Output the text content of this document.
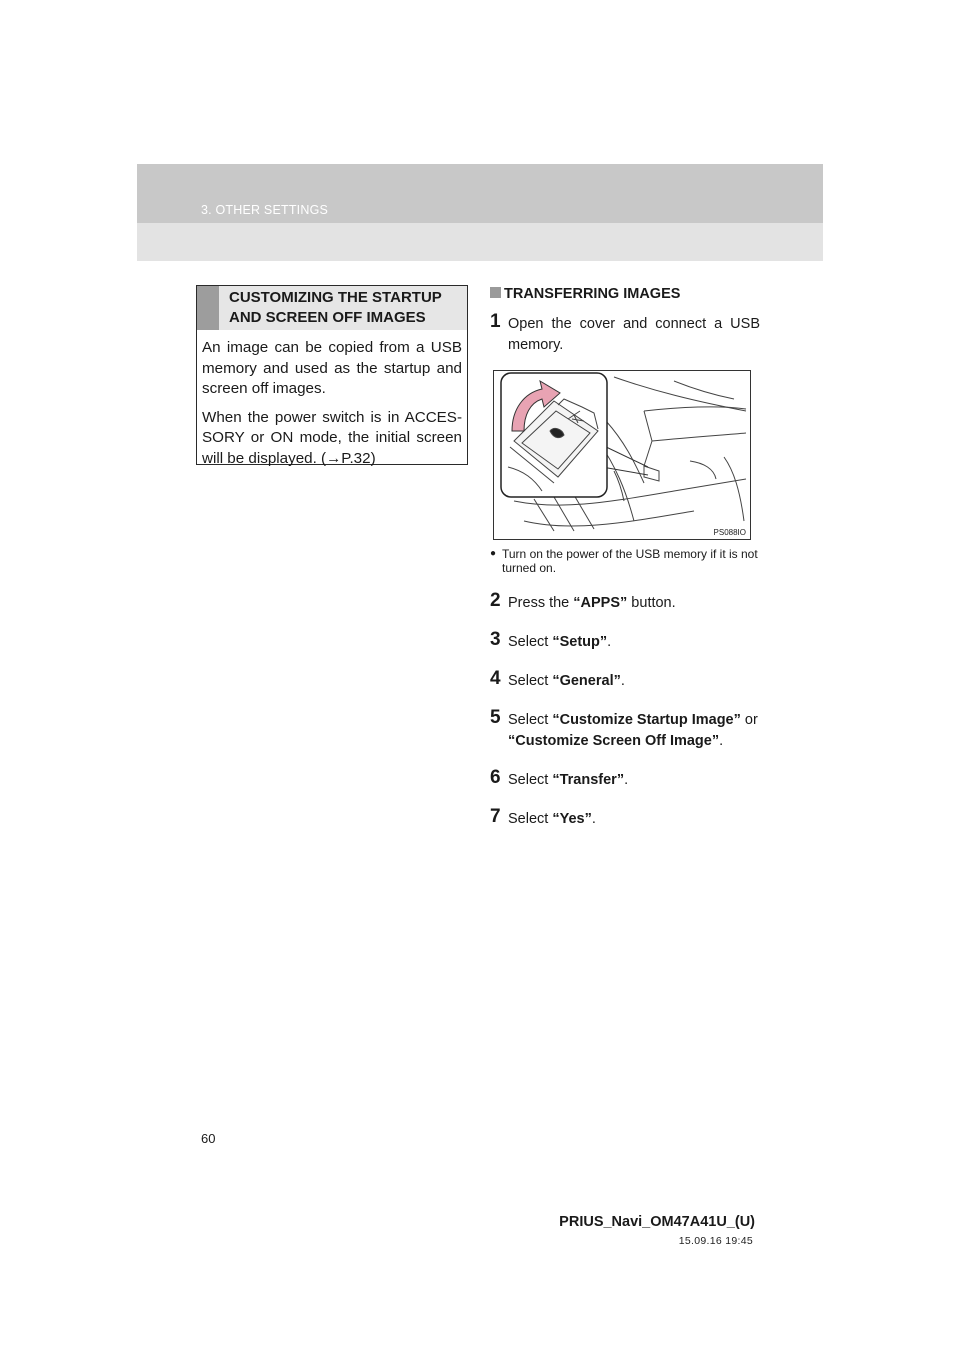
3. OTHER SETTINGS
CUSTOMIZING THE STARTUP
AND SCREEN OFF IMAGES

An image can be copied from a USB memory and used as the startup and screen off images.

When the power switch is in ACCES-SORY or ON mode, the initial screen will be displayed. (→P.32)

TRANSFERRING IMAGES
1 Open the cover and connect a USB memory.
PS088IO
● Turn on the power of the USB memory if it is not turned on.
2 Press the “APPS” button.
3 Select “Setup”.
4 Select “General”.
5 Select “Customize Startup Image” or
“Customize Screen Off Image”.
6 Select “Transfer”.
7 Select “Yes”.
60
PRIUS_Navi_OM47A41U_(U)
15.09.16 19:45
